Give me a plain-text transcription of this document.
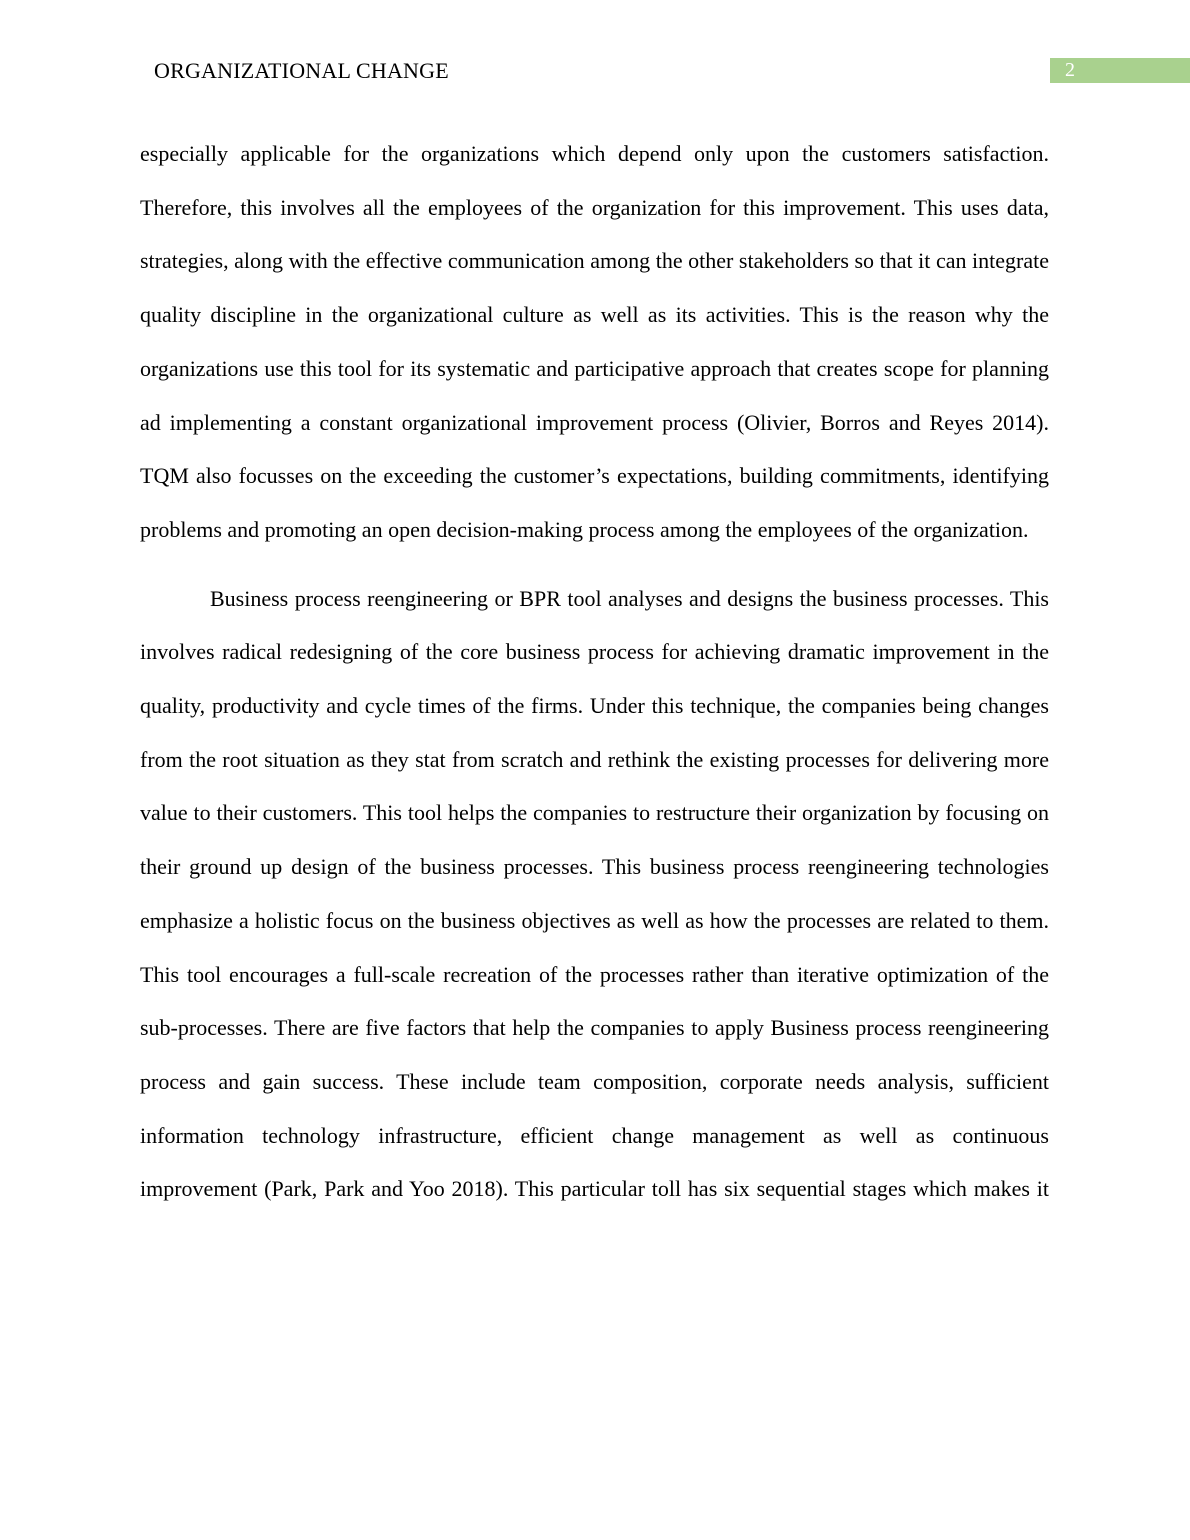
ORGANIZATIONAL CHANGE	2

especially applicable for the organizations which depend only upon the customers satisfaction. Therefore, this involves all the employees of the organization for this improvement. This uses data, strategies, along with the effective communication among the other stakeholders so that it can integrate quality discipline in the organizational culture as well as its activities. This is the reason why the organizations use this tool for its systematic and participative approach that creates scope for planning ad implementing a constant organizational improvement process (Olivier, Borros and Reyes 2014). TQM also focusses on the exceeding the customer’s expectations, building commitments, identifying problems and promoting an open decision-making process among the employees of the organization.

Business process reengineering or BPR tool analyses and designs the business processes. This involves radical redesigning of the core business process for achieving dramatic improvement in the quality, productivity and cycle times of the firms. Under this technique, the companies being changes from the root situation as they stat from scratch and rethink the existing processes for delivering more value to their customers. This tool helps the companies to restructure their organization by focusing on their ground up design of the business processes. This business process reengineering technologies emphasize a holistic focus on the business objectives as well as how the processes are related to them. This tool encourages a full-scale recreation of the processes rather than iterative optimization of the sub-processes. There are five factors that help the companies to apply Business process reengineering process and gain success. These include team composition, corporate needs analysis, sufficient information technology infrastructure, efficient change management as well as continuous improvement (Park, Park and Yoo 2018). This particular toll has six sequential stages which makes it
